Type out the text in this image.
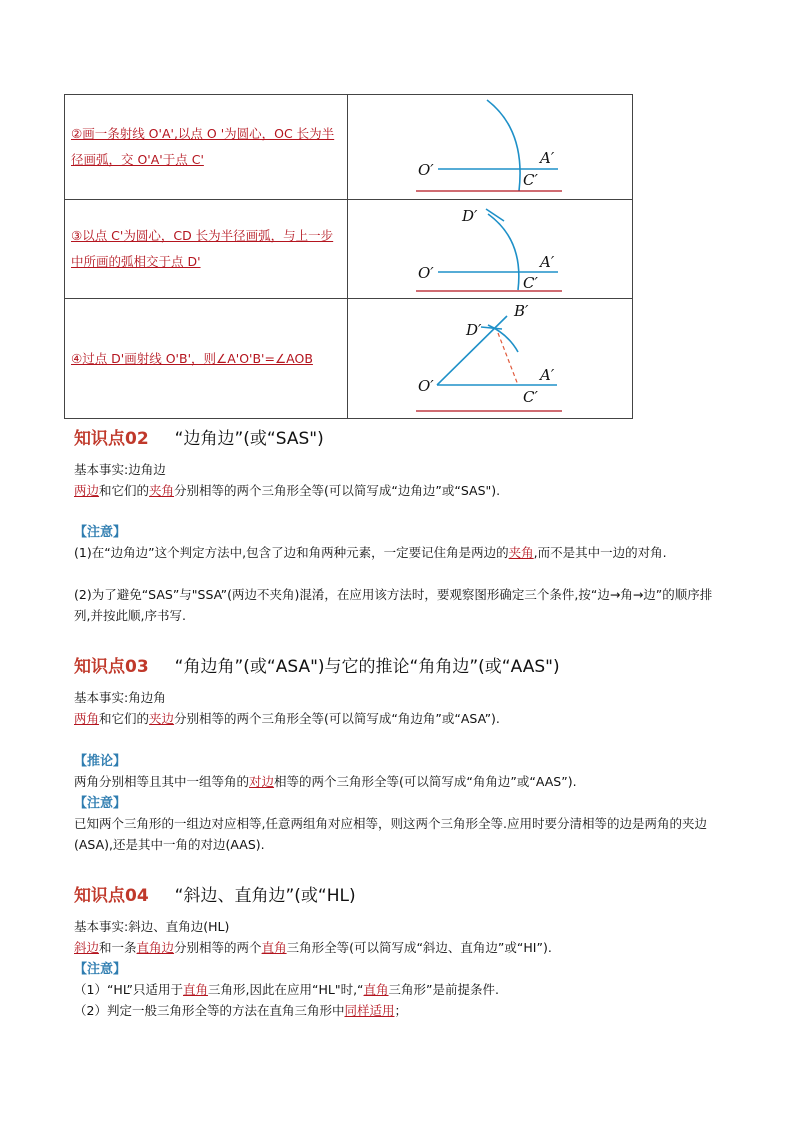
②画一条射线 O'A',以点 O '为圆心，OC 长为半径画弧，交 O'A'于点 C'	O′
A′
C′

③以点 C'为圆心，CD 长为半径画弧，与上一步中所画的弧相交于点 D'	D′
O′
A′
C′

④过点 D'画射线 O'B'，则∠A'O'B'=∠AOB	B′
D′
O′
A′
C′
知识点02 “边角边”(或“SAS")
基本事实:边角边
两边和它们的夹角分别相等的两个三角形全等(可以简写成“边角边”或“SAS").
【注意】
(1)在“边角边”这个判定方法中,包含了边和角两种元素，一定要记住角是两边的夹角,而不是其中一边的对角.
(2)为了避免“SAS”与"SSA”(两边不夹角)混淆，在应用该方法时，要观察图形确定三个条件,按“边→角→边”的顺序排列,并按此顺,序书写.
知识点03 “角边角”(或“ASA")与它的推论“角角边”(或“AAS")
基本事实:角边角
两角和它们的夹边分别相等的两个三角形全等(可以简写成“角边角”或“ASA”).
【推论】
两角分别相等且其中一组等角的对边相等的两个三角形全等(可以简写成“角角边”或“AAS”).
【注意】
已知两个三角形的一组边对应相等,任意两组角对应相等，则这两个三角形全等.应用时要分清相等的边是两角的夹边(ASA),还是其中一角的对边(AAS).
知识点04 “斜边、直角边”(或“HL)
基本事实:斜边、直角边(HL)
斜边和一条直角边分别相等的两个直角三角形全等(可以简写成“斜边、直角边”或“HI”).
【注意】
（1）“HL”只适用于直角三角形,因此在应用“HL"时,“直角三角形”是前提条件.
（2）判定一般三角形全等的方法在直角三角形中同样适用；
